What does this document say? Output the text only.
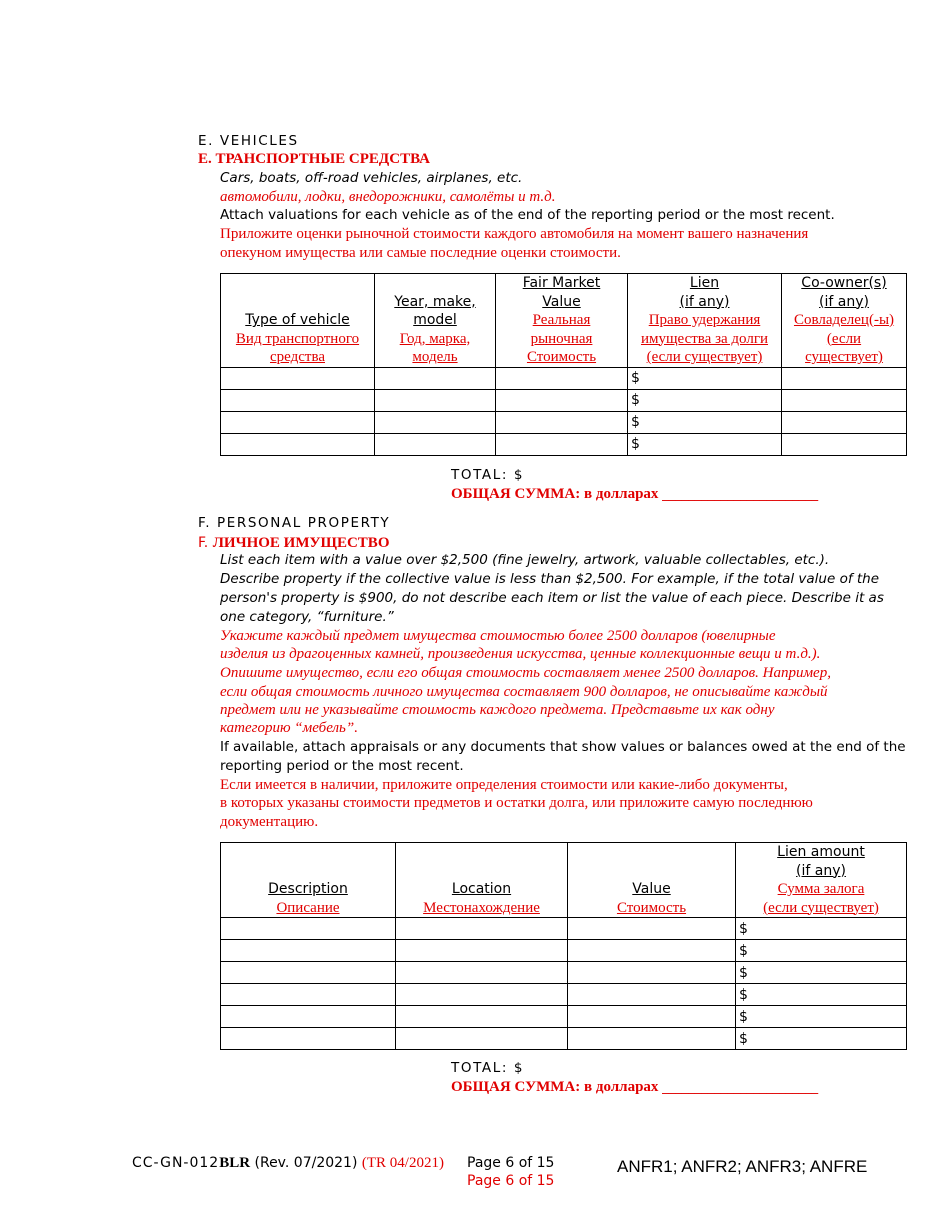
E. VEHICLES
E. ТРАНСПОРТНЫЕ СРЕДСТВА
Cars, boats, off-road vehicles, airplanes, etc.
автомобили, лодки, внедорожники, самолёты и т.д.
Attach valuations for each vehicle as of the end of the reporting period or the most recent.
Приложите оценки рыночной стоимости каждого автомобиля на момент вашего назначения
опекуном имущества или самые последние оценки стоимости.
Type of vehicle
Вид транспортного
средства	Year, make,
model
Год, марка,
модель	Fair Market
Value
Реальная
рыночная
Стоимость	Lien
(if any)
Право удержания
имущества за долги
(если существует)	Co-owner(s)
(if any)
Совладелец(-ы)
(если
существует)

			$	
			$	
			$	
			$	
TOTAL: $
ОБЩАЯ СУММА: в долларах ________________________
F. PERSONAL PROPERTY
F. ЛИЧНОЕ ИМУЩЕСТВО
List each item with a value over $2,500 (fine jewelry, artwork, valuable collectables, etc.).
Describe property if the collective value is less than $2,500. For example, if the total value of the
person's property is $900, do not describe each item or list the value of each piece. Describe it as
one category, “furniture.”
Укажите каждый предмет имущества стоимостью более 2500 долларов (ювелирные
изделия из драгоценных камней, произведения искусства, ценные коллекционные вещи и т.д.).
Опишите имущество, если его общая стоимость составляет менее 2500 долларов. Например,
если общая стоимость личного имущества составляет 900 долларов, не описывайте каждый
предмет или не указывайте стоимость каждого предмета. Представьте их как одну
категорию “мебель”.
If available, attach appraisals or any documents that show values or balances owed at the end of the
reporting period or the most recent.
Если имеется в наличии, приложите определения стоимости или какие-либо документы,
в которых указаны стоимости предметов и остатки долга, или приложите самую последнюю
документацию.
Description
Описание	Location
Местонахождение	Value
Стоимость	Lien amount
(if any)
Сумма залога
(если существует)

			$
			$
			$
			$
			$
			$
TOTAL: $
ОБЩАЯ СУММА: в долларах ________________________
CC-GN-012BLR (Rev. 07/2021) (TR 04/2021) Page 6 of 15
Page 6 of 15
ANFR1; ANFR2; ANFR3; ANFRE
